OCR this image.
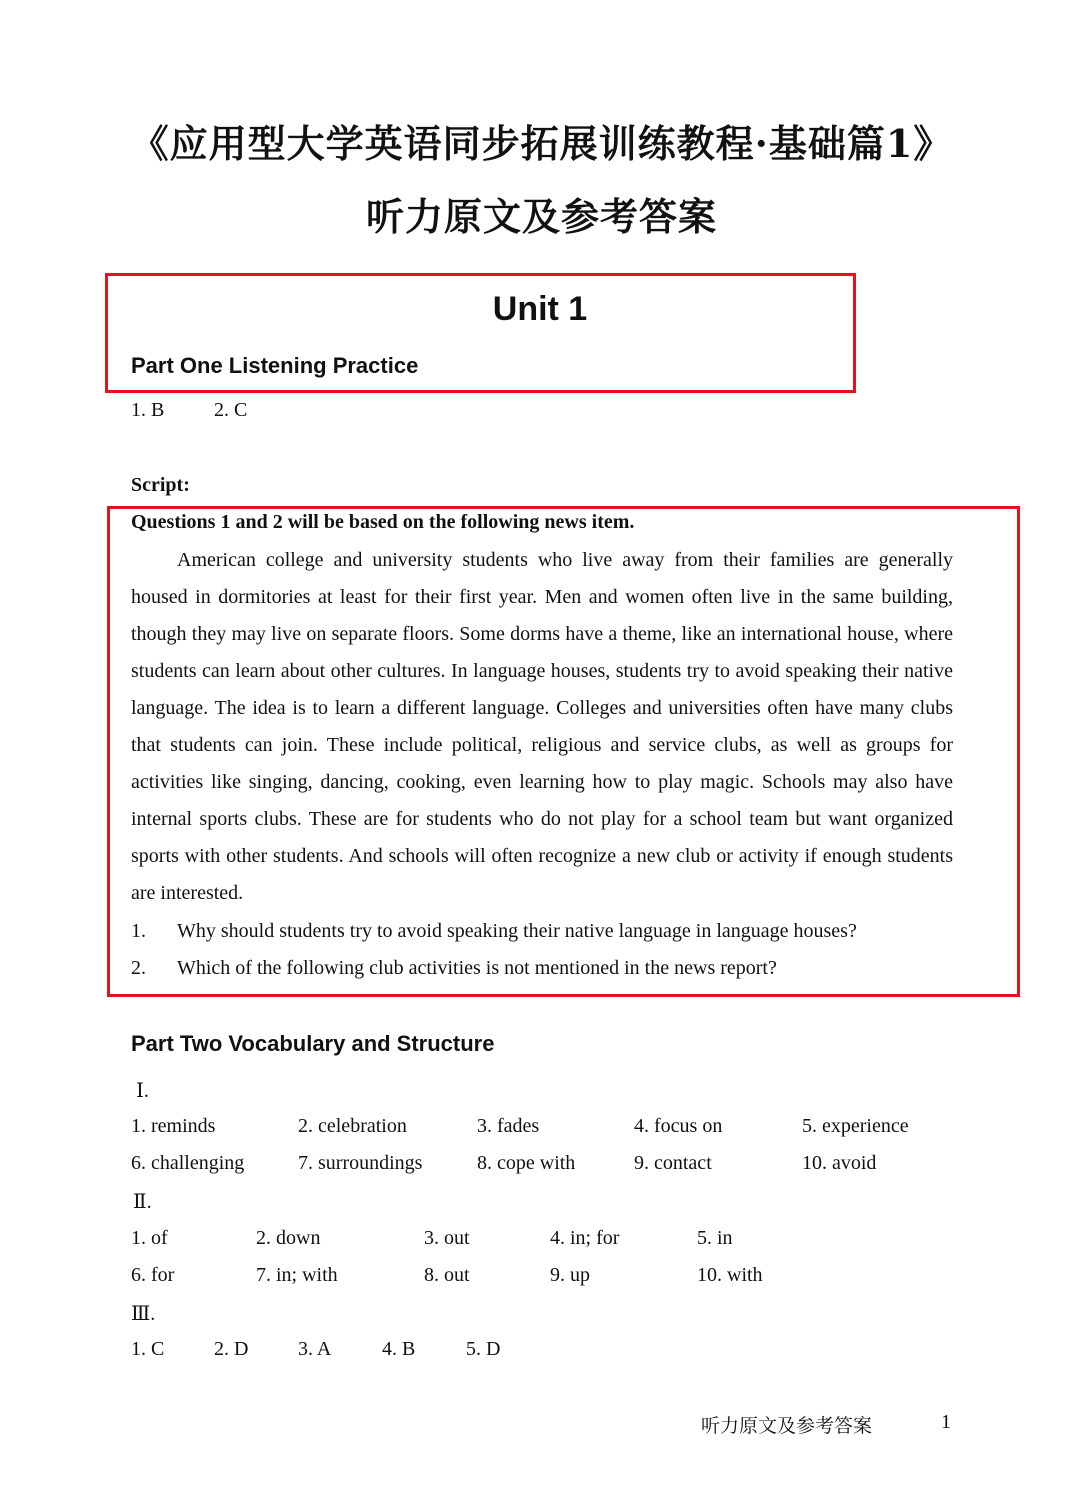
《应用型大学英语同步拓展训练教程·基础篇1》
听力原文及参考答案
Unit 1
Part One Listening Practice
1. B 2. C
Script:
Questions 1 and 2 will be based on the following news item.
American college and university students who live away from their families are generally housed in dormitories at least for their first year. Men and women often live in the same building, though they may live on separate floors. Some dorms have a theme, like an international house, where students can learn about other cultures. In language houses, students try to avoid speaking their native language. The idea is to learn a different language. Colleges and universities often have many clubs that students can join. These include political, religious and service clubs, as well as groups for activities like singing, dancing, cooking, even learning how to play magic. Schools may also have internal sports clubs. These are for students who do not play for a school team but want organized sports with other students. And schools will often recognize a new club or activity if enough students are interested.
1. Why should students try to avoid speaking their native language in language houses?
2. Which of the following club activities is not mentioned in the news report?
Part Two Vocabulary and Structure
Ⅰ.
1. reminds	2. celebration	3. fades	4. focus on	5. experience
6. challenging	7. surroundings	8. cope with	9. contact	10. avoid
Ⅱ.
1. of	2. down	3. out	4. in; for	5. in
6. for	7. in; with	8. out	9. up	10. with
Ⅲ.
1. C 2. D 3. A	4. B	5. D
听力原文及参考答案	1
